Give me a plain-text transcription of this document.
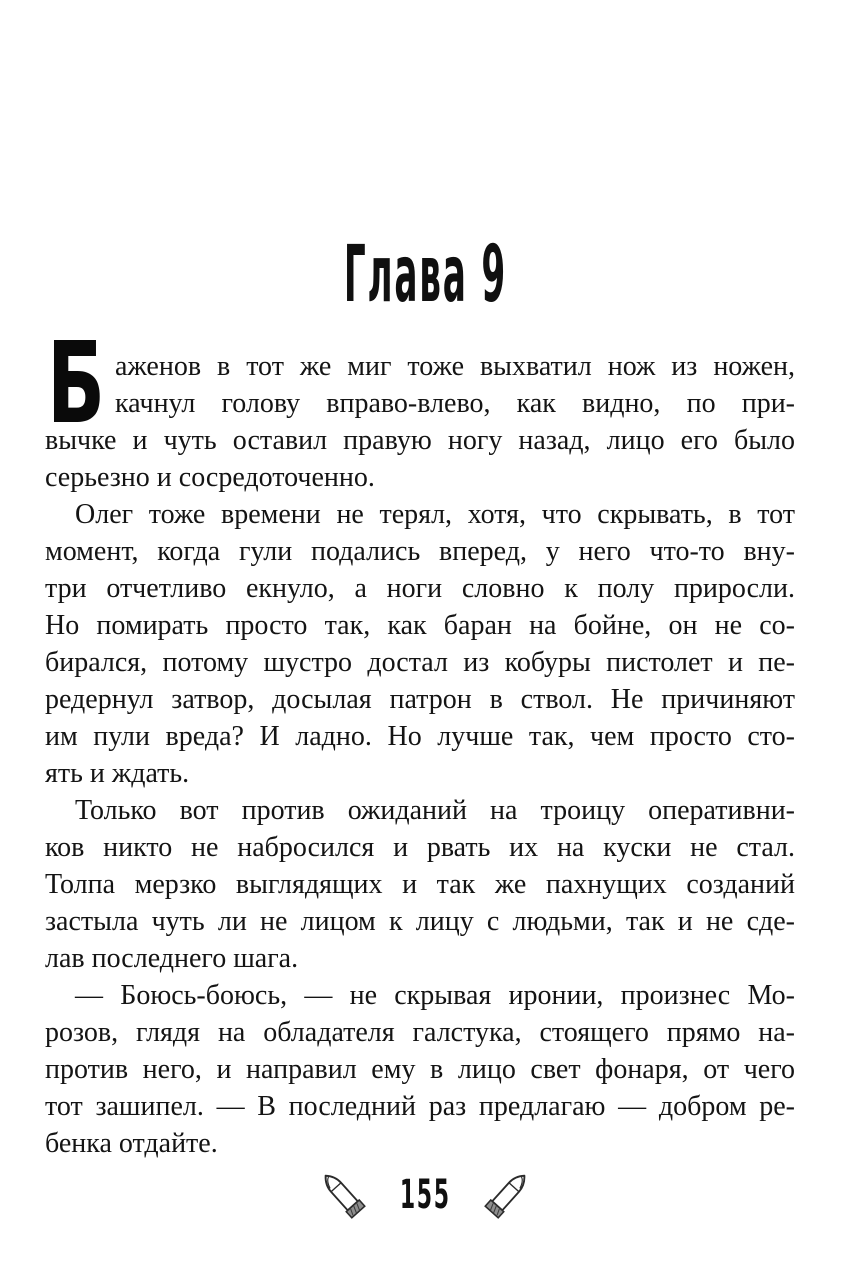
Глава 9
Б аженов в тот же миг тоже выхватил нож из ножен,
качнул голову вправо-влево, как видно, по при-
вычке и чуть оставил правую ногу назад, лицо его было
серьезно и сосредоточенно.
Олег тоже времени не терял, хотя, что скрывать, в тот
момент, когда гули подались вперед, у него что-то вну-
три отчетливо екнуло, а ноги словно к полу приросли.
Но помирать просто так, как баран на бойне, он не со-
бирался, потому шустро достал из кобуры пистолет и пе-
редернул затвор, досылая патрон в ствол. Не причиняют
им пули вреда? И ладно. Но лучше так, чем просто сто-
ять и ждать.
Только вот против ожиданий на троицу оперативни-
ков никто не набросился и рвать их на куски не стал.
Толпа мерзко выглядящих и так же пахнущих созданий
застыла чуть ли не лицом к лицу с людьми, так и не сде-
лав последнего шага.
— Боюсь-боюсь, — не скрывая иронии, произнес Мо-
розов, глядя на обладателя галстука, стоящего прямо на-
против него, и направил ему в лицо свет фонаря, от чего
тот зашипел. — В последний раз предлагаю — добром ре-
бенка отдайте.
155
